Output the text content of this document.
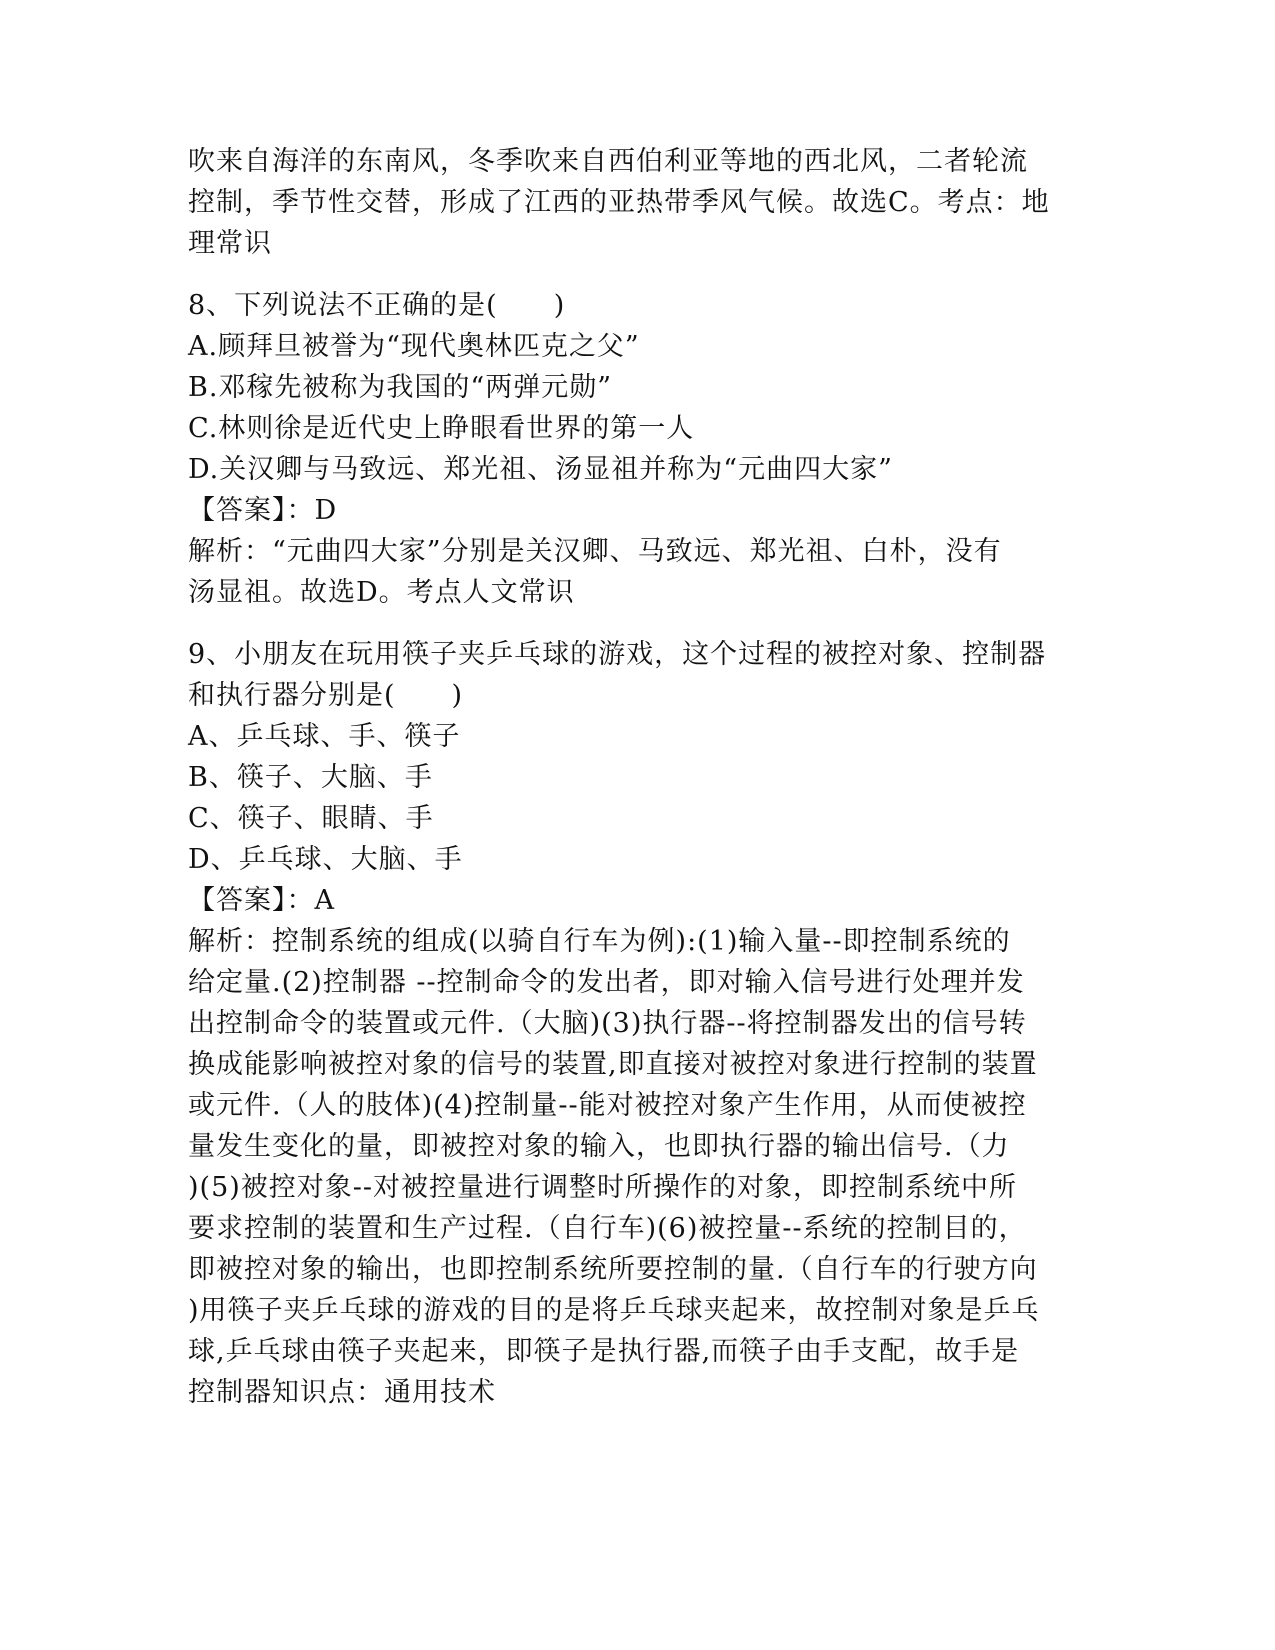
吹来自海洋的东南风，冬季吹来自西伯利亚等地的西北风，二者轮流
控制，季节性交替，形成了江西的亚热带季风气候。故选C。考点：地
理常识
8、下列说法不正确的是(　　)
A.顾拜旦被誉为“现代奥林匹克之父”
B.邓稼先被称为我国的“两弹元勋”
C.林则徐是近代史上睁眼看世界的第一人
D.关汉卿与马致远、郑光祖、汤显祖并称为“元曲四大家”
【答案】：D
解析：“元曲四大家”分别是关汉卿、马致远、郑光祖、白朴，没有
汤显祖。故选D。考点人文常识
9、小朋友在玩用筷子夹乒乓球的游戏，这个过程的被控对象、控制器
和执行器分别是(　　)
A、乒乓球、手、筷子
B、筷子、大脑、手
C、筷子、眼睛、手
D、乒乓球、大脑、手
【答案】：A
解析：控制系统的组成(以骑自行车为例):(1)输入量--即控制系统的
给定量.(2)控制器 --控制命令的发出者，即对输入信号进行处理并发
出控制命令的装置或元件.（大脑)(3)执行器--将控制器发出的信号转
换成能影响被控对象的信号的装置,即直接对被控对象进行控制的装置
或元件.（人的肢体)(4)控制量--能对被控对象产生作用，从而使被控
量发生变化的量，即被控对象的输入，也即执行器的输出信号.（力
)(5)被控对象--对被控量进行调整时所操作的对象，即控制系统中所
要求控制的装置和生产过程.（自行车)(6)被控量--系统的控制目的，
即被控对象的输出，也即控制系统所要控制的量.（自行车的行驶方向
)用筷子夹乒乓球的游戏的目的是将乒乓球夹起来，故控制对象是乒乓
球,乒乓球由筷子夹起来，即筷子是执行器,而筷子由手支配，故手是
控制器知识点：通用技术
